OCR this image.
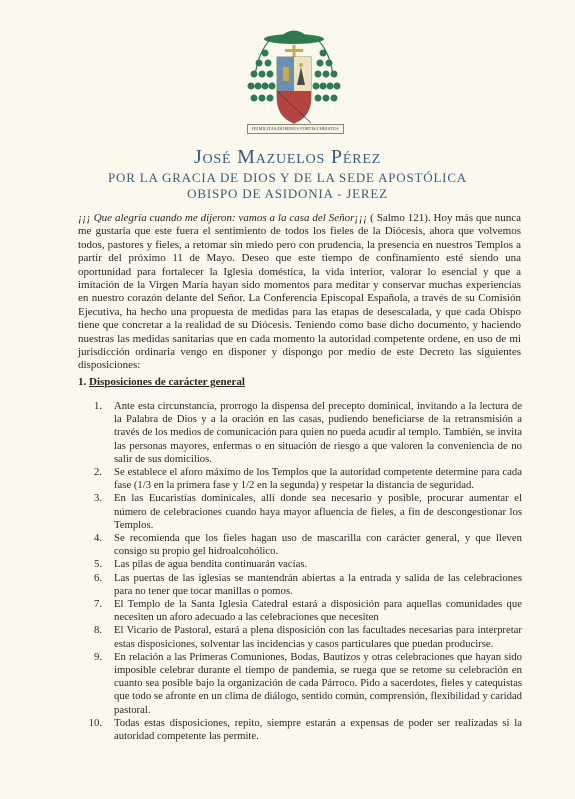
HUMILITAS/DOMINUS FORTIS/CHRISTUS
José Mazuelos Pérez
POR LA GRACIA DE DIOS Y DE LA SEDE APOSTÓLICA
OBISPO DE ASIDONIA - JEREZ

¡¡¡ Que alegría cuando me dijeron: vamos a la casa del Señor¡¡¡ ( Salmo 121). Hoy más que nunca me gustaría que este fuera el sentimiento de todos los fieles de la Diócesis, ahora que volvemos todos, pastores y fieles, a retomar sin miedo pero con prudencia, la presencia en nuestros Templos a partir del próximo 11 de Mayo. Deseo que este tiempo de confinamiento esté siendo una oportunidad para fortalecer la Iglesia doméstica, la vida interior, valorar lo esencial y que a imitación de la Virgen María hayan sido momentos para meditar y conservar muchas experiencias en nuestro corazón delante del Señor. La Conferencia Episcopal Española, a través de su Comisión Ejecutiva, ha hecho una propuesta de medidas para las etapas de desescalada, y que cada Obispo tiene que concretar a la realidad de su Diócesis. Teniendo como base dicho documento, y haciendo nuestras las medidas sanitarias que en cada momento la autoridad competente ordene, en uso de mi jurisdicción ordinaria vengo en disponer y dispongo por medio de este Decreto las siguientes disposiciones:

1. Disposiciones de carácter general

1. Ante esta circunstancia, prorrogo la dispensa del precepto dominical, invitando a la lectura de la Palabra de Dios y a la oración en las casas, pudiendo beneficiarse de la retransmisión a través de los medios de comunicación para quien no pueda acudir al templo. También, se invita las personas mayores, enfermas o en situación de riesgo a que valoren la conveniencia de no salir de sus domicilios.
2. Se establece el aforo máximo de los Templos que la autoridad competente determine para cada fase (1/3 en la primera fase y 1/2 en la segunda) y respetar la distancia de seguridad.
3. En las Eucaristías dominicales, allí donde sea necesario y posible, procurar aumentar el número de celebraciones cuando haya mayor afluencia de fieles, a fin de descongestionar los Templos.
4. Se recomienda que los fieles hagan uso de mascarilla con carácter general, y que lleven consigo su propio gel hidroalcohólico.
5. Las pilas de agua bendita continuarán vacías.
6. Las puertas de las iglesias se mantendrán abiertas a la entrada y salida de las celebraciones para no tener que tocar manillas o pomos.
7. El Templo de la Santa Iglesia Catedral estará a disposición para aquellas comunidades que necesiten un aforo adecuado a las celebraciones que necesiten
8. El Vicario de Pastoral, estará a plena disposición con las facultades necesarias para interpretar estas disposiciones, solventar las incidencias y casos particulares que puedan producirse.
9. En relación a las Primeras Comuniones, Bodas, Bautizos y otras celebraciones que hayan sido imposible celebrar durante el tiempo de pandemia, se ruega que se retome su celebración en cuanto sea posible bajo la organización de cada Párroco. Pido a sacerdotes, fieles y catequistas que todo se afronte en un clima de diálogo, sentido común, comprensión, flexibilidad y caridad pastoral.
10. Todas estas disposiciones, repito, siempre estarán a expensas de poder ser realizadas si la autoridad competente las permite.
